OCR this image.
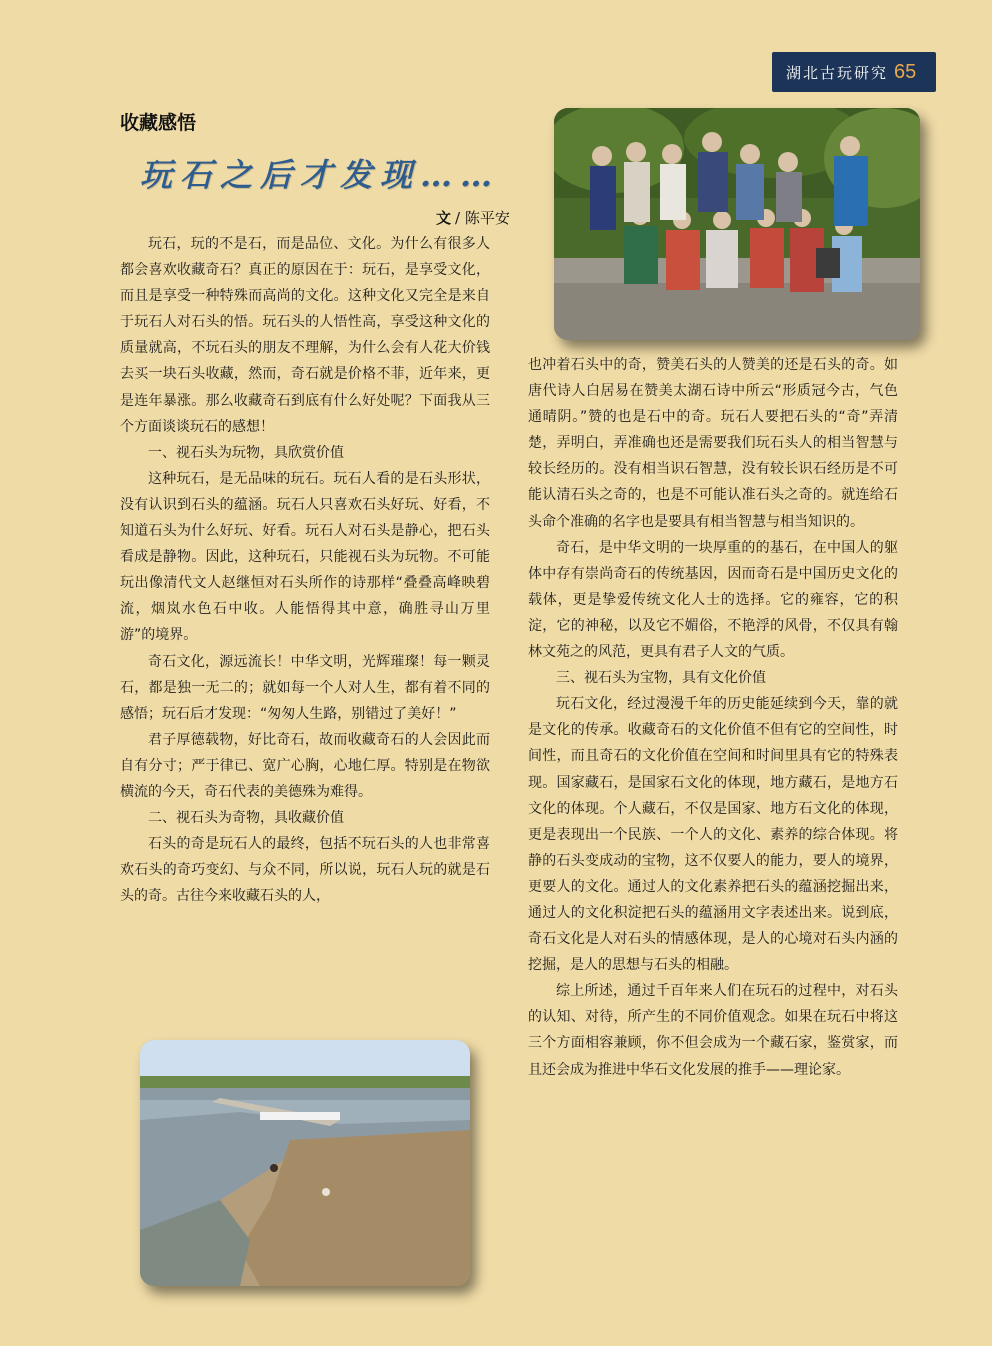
湖北古玩研究 65
收藏感悟
玩石之后才发现……
文 / 陈平安

玩石，玩的不是石，而是品位、文化。为什么有很多人都会喜欢收藏奇石？真正的原因在于：玩石，是享受文化，而且是享受一种特殊而高尚的文化。这种文化又完全是来自于玩石人对石头的悟。玩石头的人悟性高，享受这种文化的质量就高，不玩石头的朋友不理解，为什么会有人花大价钱去买一块石头收藏，然而，奇石就是价格不菲，近年来，更是连年暴涨。那么收藏奇石到底有什么好处呢？下面我从三个方面谈谈玩石的感想！

一、视石头为玩物，具欣赏价值

这种玩石，是无品味的玩石。玩石人看的是石头形状，没有认识到石头的蕴涵。玩石人只喜欢石头好玩、好看，不知道石头为什么好玩、好看。玩石人对石头是静心，把石头看成是静物。因此，这种玩石，只能视石头为玩物。不可能玩出像清代文人赵继恒对石头所作的诗那样“叠叠高峰映碧流，烟岚水色石中收。人能悟得其中意，确胜寻山万里游”的境界。

奇石文化，源远流长！中华文明，光辉璀璨！每一颗灵石，都是独一无二的；就如每一个人对人生，都有着不同的感悟；玩石后才发现：“匆匆人生路，别错过了美好！”

君子厚德载物，好比奇石，故而收藏奇石的人会因此而自有分寸；严于律已、宽广心胸，心地仁厚。特别是在物欲横流的今天，奇石代表的美德殊为难得。

二、视石头为奇物，具收藏价值

石头的奇是玩石人的最终，包括不玩石头的人也非常喜欢石头的奇巧变幻、与众不同，所以说，玩石人玩的就是石头的奇。古往今来收藏石头的人，

也冲着石头中的奇，赞美石头的人赞美的还是石头的奇。如唐代诗人白居易在赞美太湖石诗中所云“形质冠今古，气色通晴阴。”赞的也是石中的奇。玩石人要把石头的“奇”弄清楚，弄明白，弄准确也还是需要我们玩石头人的相当智慧与较长经历的。没有相当识石智慧，没有较长识石经历是不可能认清石头之奇的，也是不可能认准石头之奇的。就连给石头命个准确的名字也是要具有相当智慧与相当知识的。

奇石，是中华文明的一块厚重的的基石，在中国人的躯体中存有崇尚奇石的传统基因，因而奇石是中国历史文化的载体，更是挚爱传统文化人士的选择。它的雍容，它的积淀，它的神秘，以及它不媚俗，不艳浮的风骨，不仅具有翰林文苑之的风范，更具有君子人文的气质。

三、视石头为宝物，具有文化价值

玩石文化，经过漫漫千年的历史能延续到今天，靠的就是文化的传承。收藏奇石的文化价值不但有它的空间性，时间性，而且奇石的文化价值在空间和时间里具有它的特殊表现。国家藏石，是国家石文化的体现，地方藏石，是地方石文化的体现。个人藏石，不仅是国家、地方石文化的体现，更是表现出一个民族、一个人的文化、素养的综合体现。将静的石头变成动的宝物，这不仅要人的能力，要人的境界，更要人的文化。通过人的文化素养把石头的蕴涵挖掘出来，通过人的文化积淀把石头的蕴涵用文字表述出来。说到底，奇石文化是人对石头的情感体现，是人的心境对石头内涵的挖掘，是人的思想与石头的相融。

综上所述，通过千百年来人们在玩石的过程中，对石头的认知、对待，所产生的不同价值观念。如果在玩石中将这三个方面相容兼顾，你不但会成为一个藏石家，鉴赏家，而且还会成为推进中华石文化发展的推手——理论家。
